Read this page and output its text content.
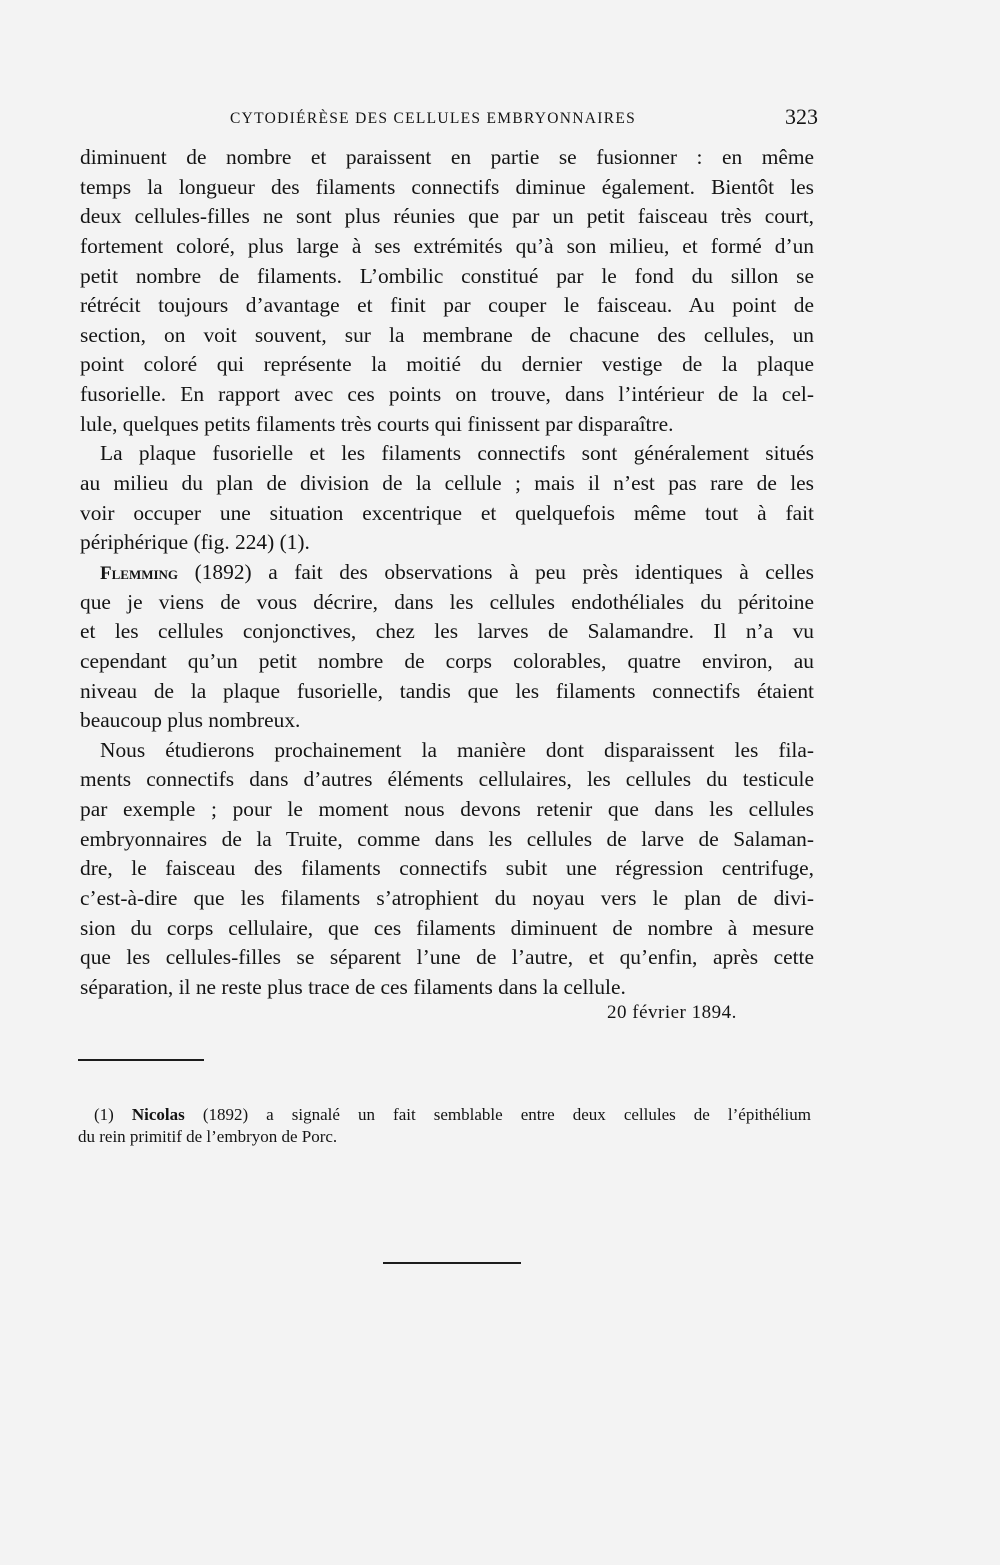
CYTODIÉRÈSE DES CELLULES EMBRYONNAIRES	323
diminuent de nombre et paraissent en partie se fusionner : en même
temps la longueur des filaments connectifs diminue également. Bientôt les
deux cellules-filles ne sont plus réunies que par un petit faisceau très court,
fortement coloré, plus large à ses extrémités qu’à son milieu, et formé d’un
petit nombre de filaments. L’ombilic constitué par le fond du sillon se
rétrécit toujours d’avantage et finit par couper le faisceau. Au point de
section, on voit souvent, sur la membrane de chacune des cellules, un
point coloré qui représente la moitié du dernier vestige de la plaque
fusorielle. En rapport avec ces points on trouve, dans l’intérieur de la cel-
lule, quelques petits filaments très courts qui finissent par disparaître.
La plaque fusorielle et les filaments connectifs sont généralement situés
au milieu du plan de division de la cellule ; mais il n’est pas rare de les
voir occuper une situation excentrique et quelquefois même tout à fait
périphérique (fig. 224) (1).
Flemming (1892) a fait des observations à peu près identiques à celles
que je viens de vous décrire, dans les cellules endothéliales du péritoine
et les cellules conjonctives, chez les larves de Salamandre. Il n’a vu
cependant qu’un petit nombre de corps colorables, quatre environ, au
niveau de la plaque fusorielle, tandis que les filaments connectifs étaient
beaucoup plus nombreux.
Nous étudierons prochainement la manière dont disparaissent les fila-
ments connectifs dans d’autres éléments cellulaires, les cellules du testicule
par exemple ; pour le moment nous devons retenir que dans les cellules
embryonnaires de la Truite, comme dans les cellules de larve de Salaman-
dre, le faisceau des filaments connectifs subit une régression centrifuge,
c’est-à-dire que les filaments s’atrophient du noyau vers le plan de divi-
sion du corps cellulaire, que ces filaments diminuent de nombre à mesure
que les cellules-filles se séparent l’une de l’autre, et qu’enfin, après cette
séparation, il ne reste plus trace de ces filaments dans la cellule.
20 février 1894.
(1) Nicolas (1892) a signalé un fait semblable entre deux cellules de l’épithélium
du rein primitif de l’embryon de Porc.
